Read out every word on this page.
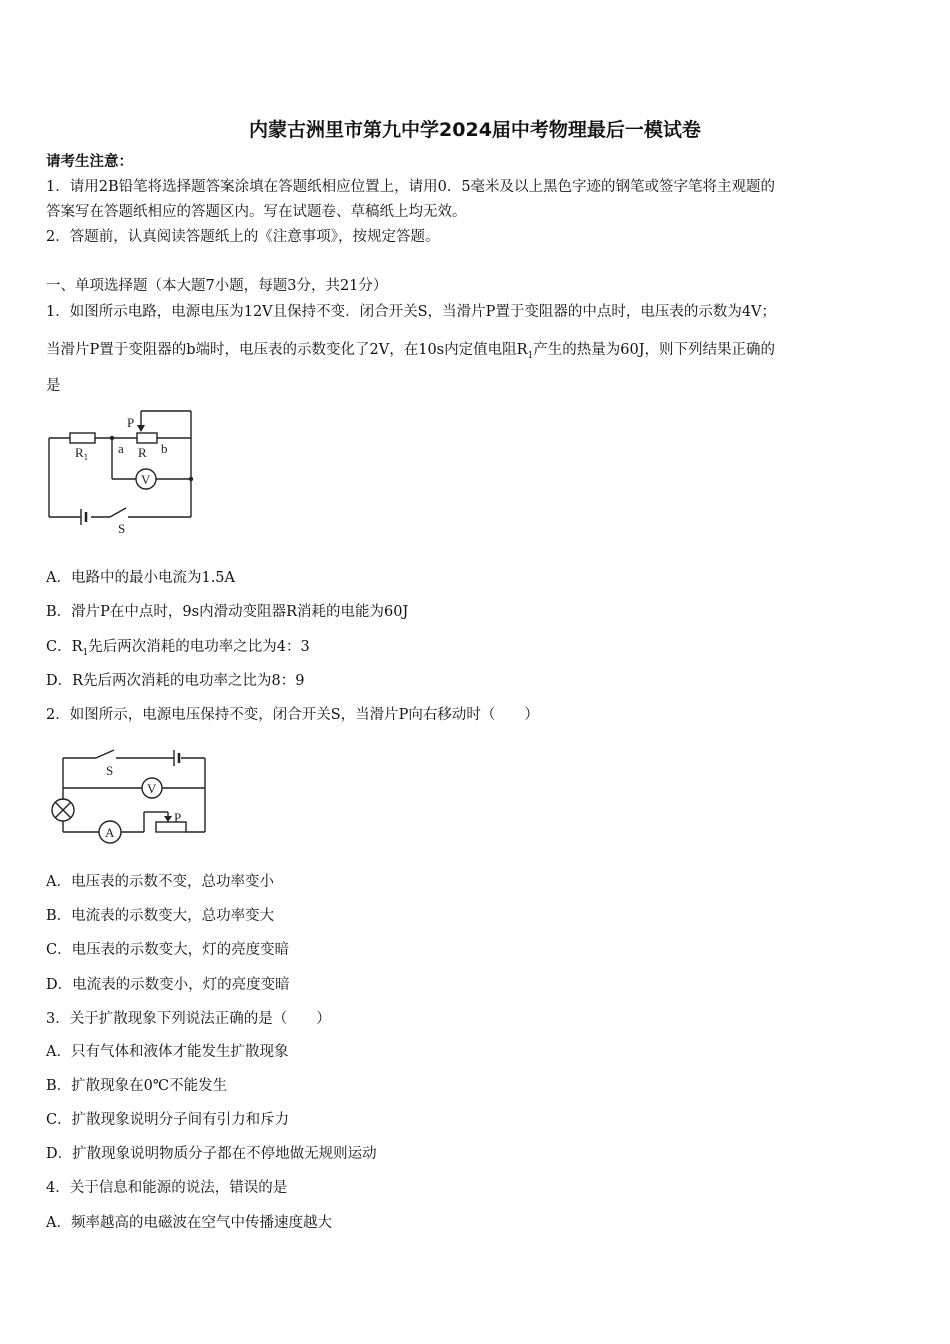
内蒙古洲里市第九中学2024届中考物理最后一模试卷
请考生注意：
1．请用2B铅笔将选择题答案涂填在答题纸相应位置上，请用0．5毫米及以上黑色字迹的钢笔或签字笔将主观题的
答案写在答题纸相应的答题区内。写在试题卷、草稿纸上均无效。
2．答题前，认真阅读答题纸上的《注意事项》，按规定答题。
一、单项选择题（本大题7小题，每题3分，共21分）
1．如图所示电路，电源电压为12V且保持不变．闭合开关S，当滑片P置于变阻器的中点时，电压表的示数为4V；
当滑片P置于变阻器的b端时，电压表的示数变化了2V，在10s内定值电阻$R_1$产生的热量为60J，则下列结果正确的
是
$R_1$
a R b
P
V
S
A．电路中的最小电流为1.5A
B．滑片P在中点时，9s内滑动变阻器R消耗的电能为60J
C．$R_1$先后两次消耗的电功率之比为4：3
D．R先后两次消耗的电功率之比为8：9
2．如图所示，电源电压保持不变，闭合开关S，当滑片P向右移动时（　　）
S
V
A
P
A．电压表的示数不变，总功率变小
B．电流表的示数变大，总功率变大
C．电压表的示数变大，灯的亮度变暗
D．电流表的示数变小，灯的亮度变暗
3．关于扩散现象下列说法正确的是（　　）
A．只有气体和液体才能发生扩散现象
B．扩散现象在0℃不能发生
C．扩散现象说明分子间有引力和斥力
D．扩散现象说明物质分子都在不停地做无规则运动
4．关于信息和能源的说法，错误的是
A．频率越高的电磁波在空气中传播速度越大
